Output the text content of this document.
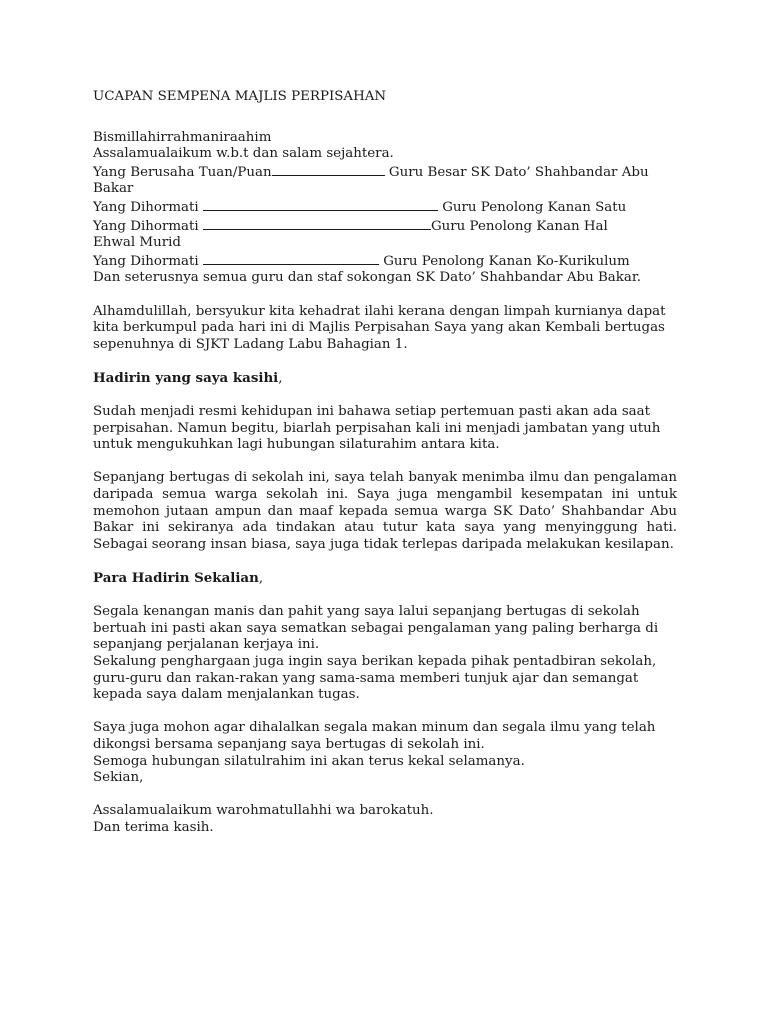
UCAPAN SEMPENA MAJLIS PERPISAHAN

Bismillahirrahmaniraahim
Assalamualaikum w.b.t dan salam sejahtera.
Yang Berusaha Tuan/Puan	Guru Besar SK Dato’ Shahbandar Abu
Bakar
Yang Dihormati	Guru Penolong Kanan Satu
Yang Dihormati	Guru Penolong Kanan Hal
Ehwal Murid
Yang Dihormati	Guru Penolong Kanan Ko-Kurikulum
Dan seterusnya semua guru dan staf sokongan SK Dato’ Shahbandar Abu Bakar.

Alhamdulillah, bersyukur kita kehadrat ilahi kerana dengan limpah kurnianya dapat kita berkumpul pada hari ini di Majlis Perpisahan Saya yang akan Kembali bertugas sepenuhnya di SJKT Ladang Labu Bahagian 1.

Hadirin yang saya kasihi,

Sudah menjadi resmi kehidupan ini bahawa setiap pertemuan pasti akan ada saat perpisahan. Namun begitu, biarlah perpisahan kali ini menjadi jambatan yang utuh untuk mengukuhkan lagi hubungan silaturahim antara kita.

Sepanjang bertugas di sekolah ini, saya telah banyak menimba ilmu dan pengalaman daripada semua warga sekolah ini. Saya juga mengambil kesempatan ini untuk memohon jutaan ampun dan maaf kepada semua warga SK Dato’ Shahbandar Abu Bakar ini sekiranya ada tindakan atau tutur kata saya yang menyinggung hati. Sebagai seorang insan biasa, saya juga tidak terlepas daripada melakukan kesilapan.

Para Hadirin Sekalian,

Segala kenangan manis dan pahit yang saya lalui sepanjang bertugas di sekolah bertuah ini pasti akan saya sematkan sebagai pengalaman yang paling berharga di sepanjang perjalanan kerjaya ini.

Sekalung penghargaan juga ingin saya berikan kepada pihak pentadbiran sekolah, guru-guru dan rakan-rakan yang sama-sama memberi tunjuk ajar dan semangat kepada saya dalam menjalankan tugas.

Saya juga mohon agar dihalalkan segala makan minum dan segala ilmu yang telah dikongsi bersama sepanjang saya bertugas di sekolah ini.

Semoga hubungan silatulrahim ini akan terus kekal selamanya.

Sekian,

Assalamualaikum warohmatullahhi wa barokatuh.

Dan terima kasih.
